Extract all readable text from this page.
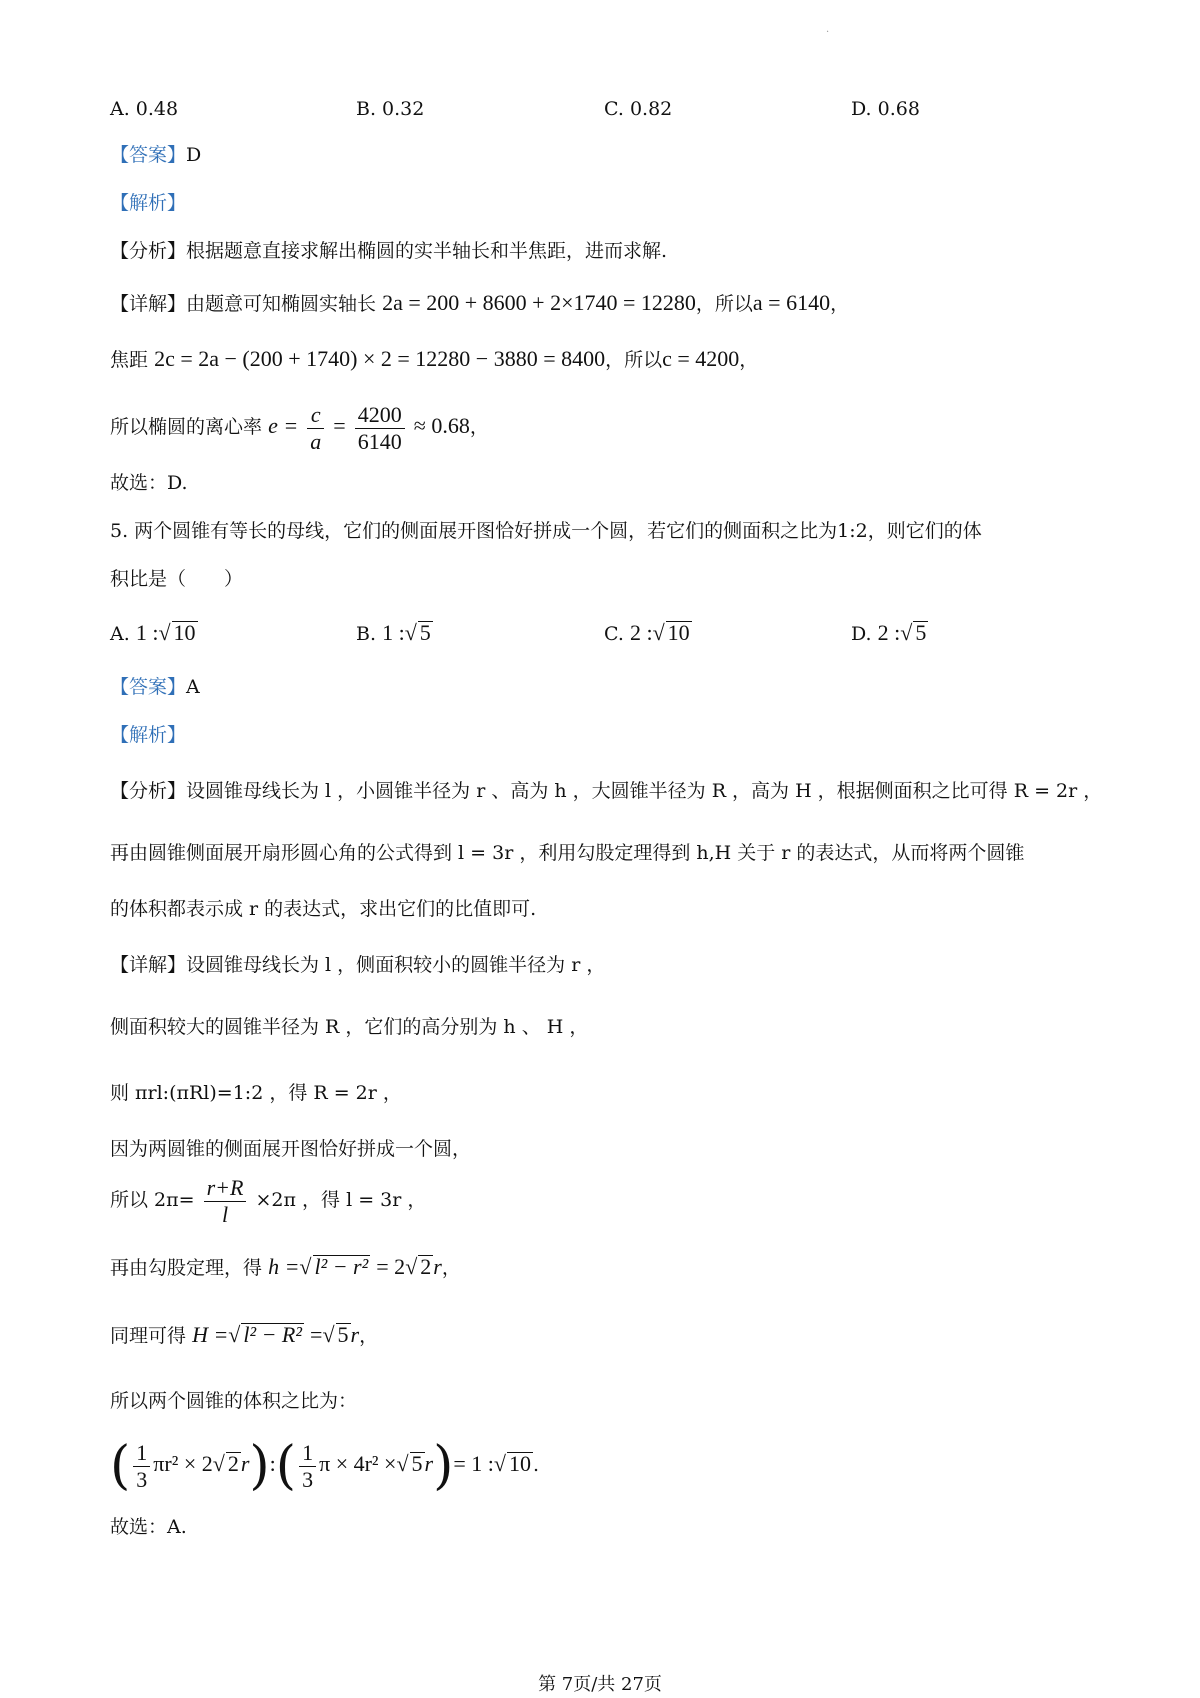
.
A. 0.48	B. 0.32	C. 0.82	D. 0.68
【答案】D
【解析】
【分析】根据题意直接求解出椭圆的实半轴长和半焦距，进而求解.
【详解】由题意可知椭圆实轴长 2a = 200 + 8600 + 2×1740 = 12280，所以a = 6140，
焦距 2c = 2a − (200 + 1740) × 2 = 12280 − 3880 = 8400，所以c = 4200，
所以椭圆的离心率 $e = \frac{c}{a} = \frac{4200}{6140} \approx 0.68$，
故选：D.
5. 两个圆锥有等长的母线，它们的侧面展开图恰好拼成一个圆，若它们的侧面积之比为1:2，则它们的体
积比是（　　）
A. 1 :√ 10	B. 1 :√ 5	C. 2 :√ 10	D. 2 :√ 5
【答案】A
【解析】
【分析】设圆锥母线长为 l ，小圆锥半径为 r 、高为 h ，大圆锥半径为 R ，高为 H ，根据侧面积之比可得 R = 2r ，
再由圆锥侧面展开扇形圆心角的公式得到 l = 3r ，利用勾股定理得到 h,H 关于 r 的表达式，从而将两个圆锥
的体积都表示成 r 的表达式，求出它们的比值即可.
【详解】设圆锥母线长为 l ，侧面积较小的圆锥半径为 r ，
侧面积较大的圆锥半径为 R ，它们的高分别为 h 、 H ，
则 πrl:(πRl)=1:2 ，得 R = 2r ，
因为两圆锥的侧面展开图恰好拼成一个圆，
所以 $2\pi= \frac{r+R}{l} \times 2\pi$ ，得 l = 3r ，
再由勾股定理，得 h =√ l² − r² = 2√ 2r，
同理可得 H =√ l² − R² =√ 5r，
所以两个圆锥的体积之比为：
( $\frac{1}{3} \pi r^2 \times 2√$ 2r):( $\frac{1}{3}$ π × 4r² ×√ 5r)= 1 :√ 10 .
故选：A.
第 7页/共 27页
